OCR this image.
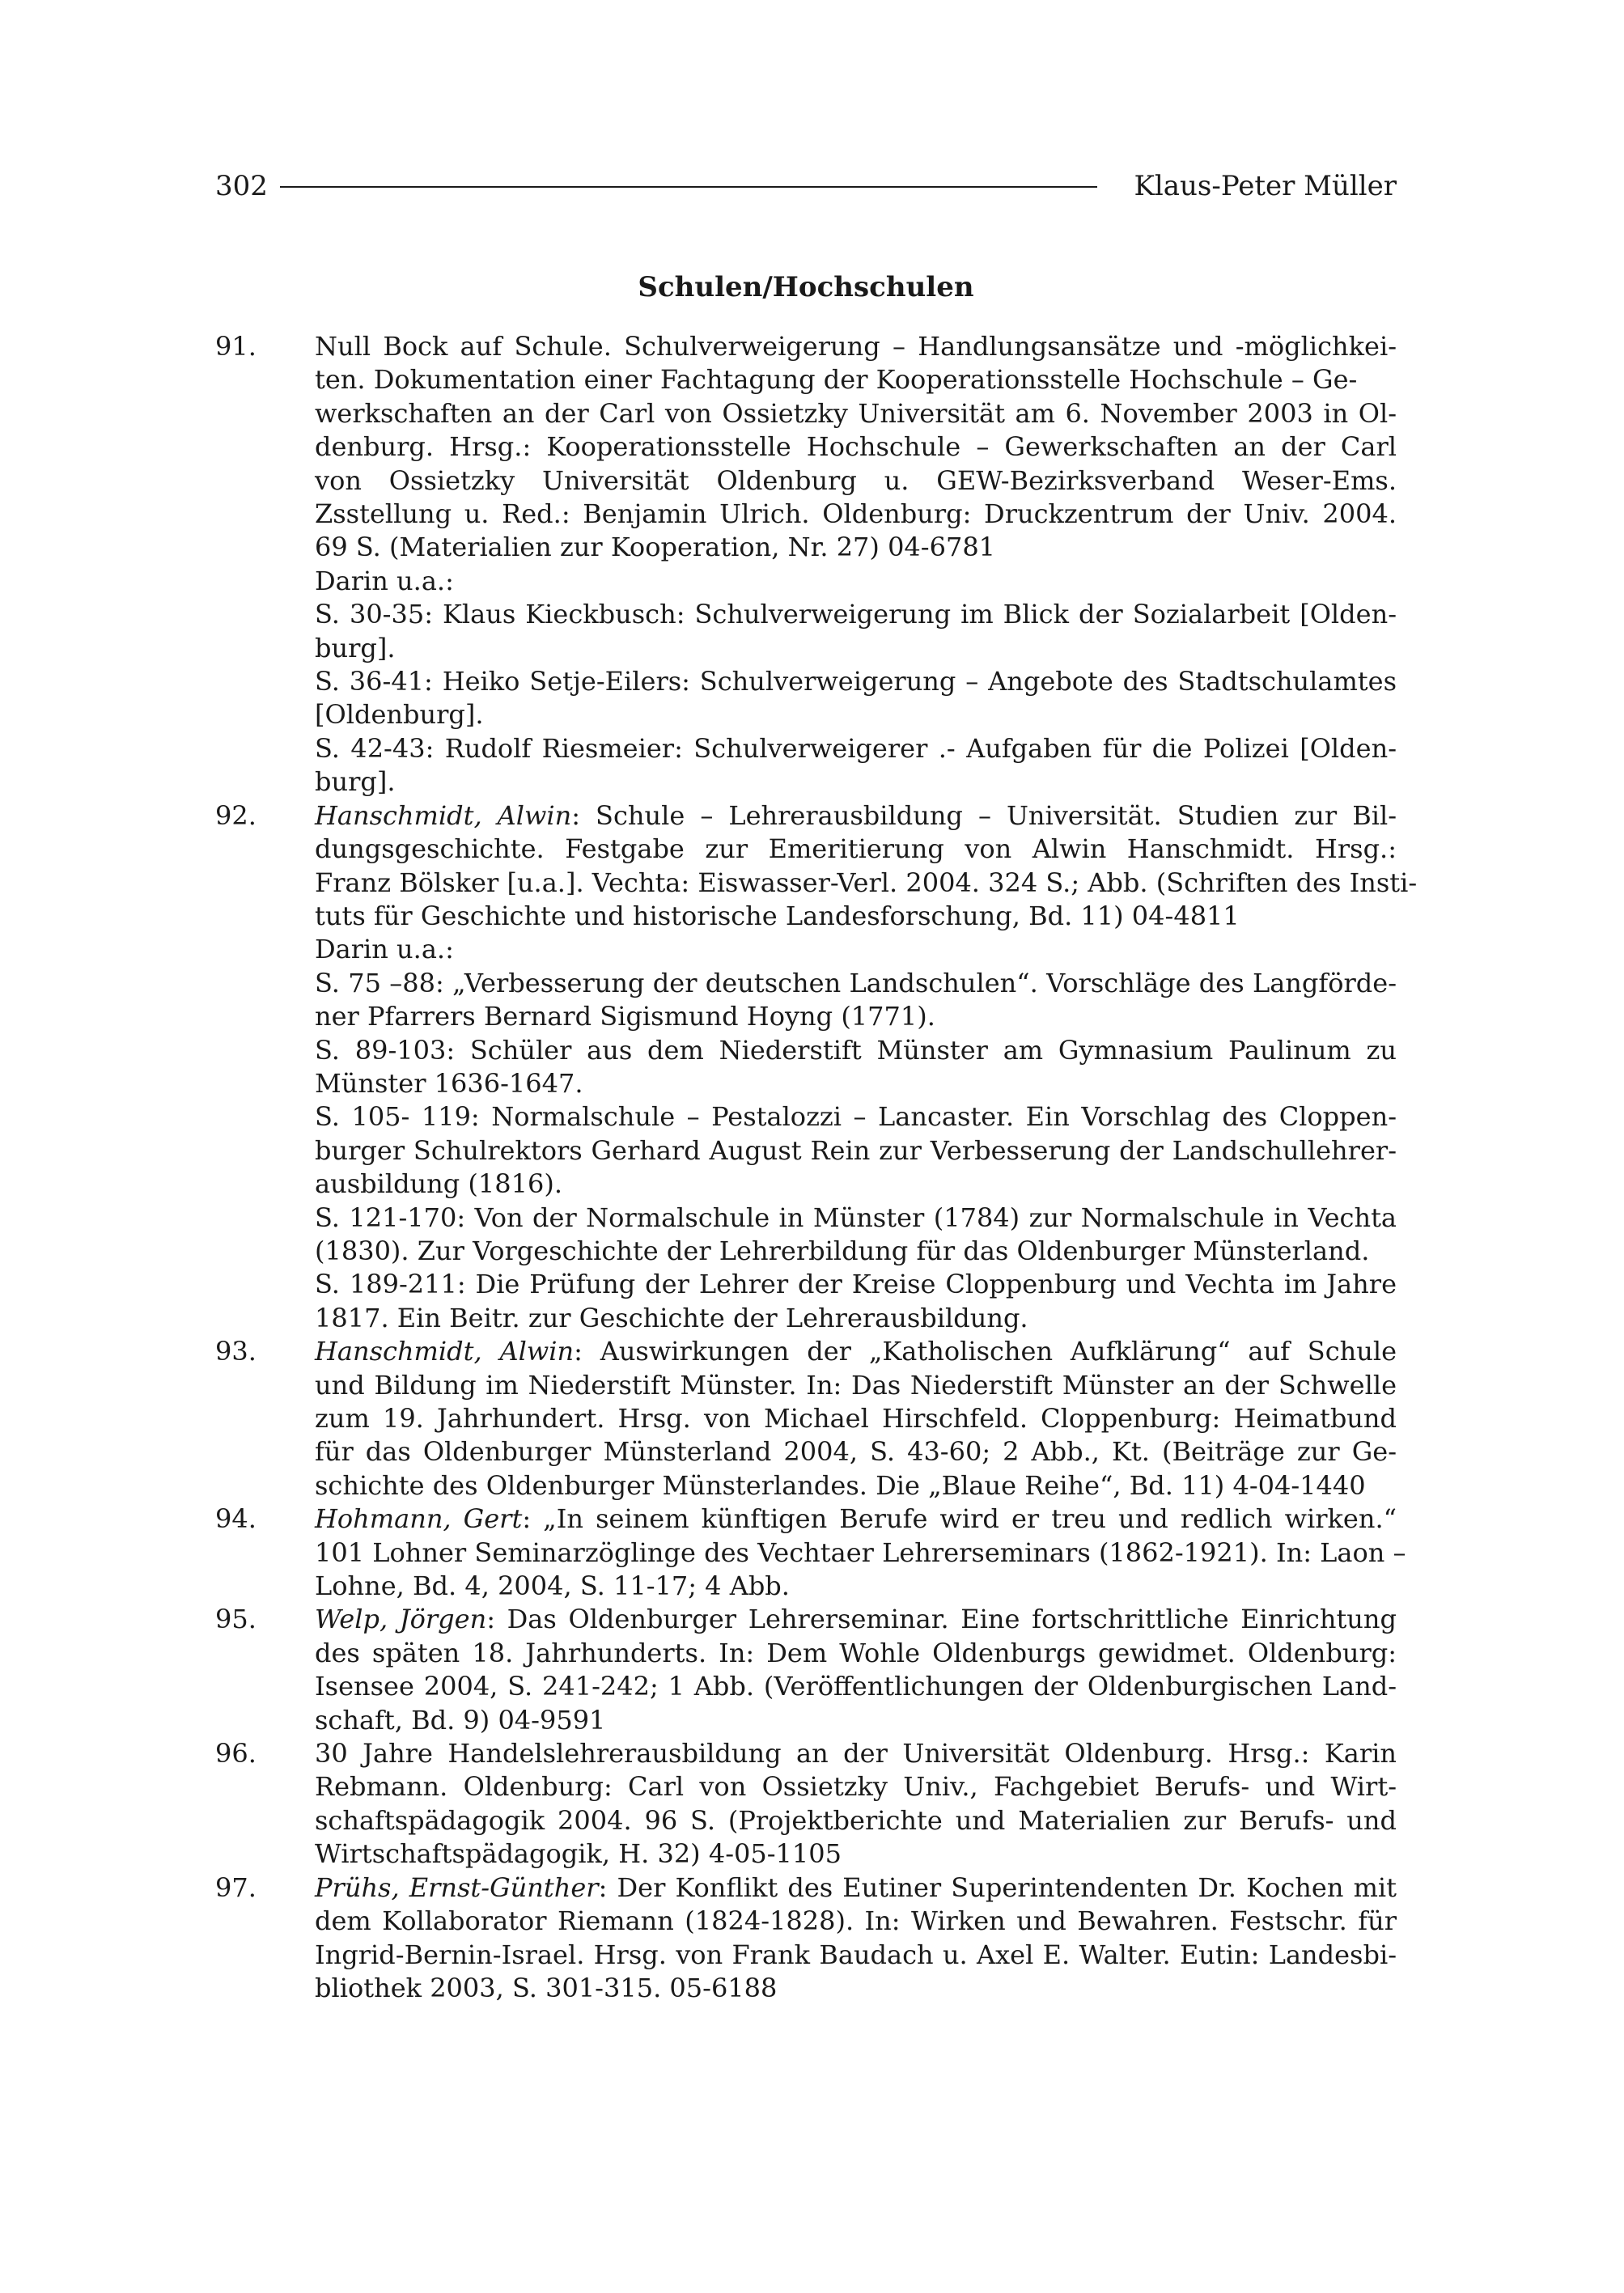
302	Klaus-Peter Müller
Schulen/Hochschulen
91. Null Bock auf Schule. Schulverweigerung – Handlungsansätze und -möglichkei-
ten. Dokumentation einer Fachtagung der Kooperationsstelle Hochschule – Ge-
werkschaften an der Carl von Ossietzky Universität am 6. November 2003 in Ol-
denburg. Hrsg.: Kooperationsstelle Hochschule – Gewerkschaften an der Carl
von Ossietzky Universität Oldenburg u. GEW-Bezirksverband Weser-Ems.
Zsstellung u. Red.: Benjamin Ulrich. Oldenburg: Druckzentrum der Univ. 2004.
69 S. (Materialien zur Kooperation, Nr. 27) 04-6781
Darin u.a.:
S. 30-35: Klaus Kieckbusch: Schulverweigerung im Blick der Sozialarbeit [Olden-
burg].
S. 36-41: Heiko Setje-Eilers: Schulverweigerung – Angebote des Stadtschulamtes
[Oldenburg].
S. 42-43: Rudolf Riesmeier: Schulverweigerer .- Aufgaben für die Polizei [Olden-
burg].
92. Hanschmidt, Alwin: Schule – Lehrerausbildung – Universität. Studien zur Bil-
dungsgeschichte. Festgabe zur Emeritierung von Alwin Hanschmidt. Hrsg.:
Franz Bölsker [u.a.]. Vechta: Eiswasser-Verl. 2004. 324 S.; Abb. (Schriften des Insti-
tuts für Geschichte und historische Landesforschung, Bd. 11) 04-4811
Darin u.a.:
S. 75 –88: „Verbesserung der deutschen Landschulen“. Vorschläge des Langförde-
ner Pfarrers Bernard Sigismund Hoyng (1771).
S. 89-103: Schüler aus dem Niederstift Münster am Gymnasium Paulinum zu
Münster 1636-1647.
S. 105- 119: Normalschule – Pestalozzi – Lancaster. Ein Vorschlag des Cloppen-
burger Schulrektors Gerhard August Rein zur Verbesserung der Landschullehrer-
ausbildung (1816).
S. 121-170: Von der Normalschule in Münster (1784) zur Normalschule in Vechta
(1830). Zur Vorgeschichte der Lehrerbildung für das Oldenburger Münsterland.
S. 189-211: Die Prüfung der Lehrer der Kreise Cloppenburg und Vechta im Jahre
1817. Ein Beitr. zur Geschichte der Lehrerausbildung.
93. Hanschmidt, Alwin: Auswirkungen der „Katholischen Aufklärung“ auf Schule
und Bildung im Niederstift Münster. In: Das Niederstift Münster an der Schwelle
zum 19. Jahrhundert. Hrsg. von Michael Hirschfeld. Cloppenburg: Heimatbund
für das Oldenburger Münsterland 2004, S. 43-60; 2 Abb., Kt. (Beiträge zur Ge-
schichte des Oldenburger Münsterlandes. Die „Blaue Reihe“, Bd. 11) 4-04-1440
94. Hohmann, Gert: „In seinem künftigen Berufe wird er treu und redlich wirken.“
101 Lohner Seminarzöglinge des Vechtaer Lehrerseminars (1862-1921). In: Laon –
Lohne, Bd. 4, 2004, S. 11-17; 4 Abb.
95. Welp, Jörgen: Das Oldenburger Lehrerseminar. Eine fortschrittliche Einrichtung
des späten 18. Jahrhunderts. In: Dem Wohle Oldenburgs gewidmet. Oldenburg:
Isensee 2004, S. 241-242; 1 Abb. (Veröffentlichungen der Oldenburgischen Land-
schaft, Bd. 9) 04-9591
96. 30 Jahre Handelslehrerausbildung an der Universität Oldenburg. Hrsg.: Karin
Rebmann. Oldenburg: Carl von Ossietzky Univ., Fachgebiet Berufs- und Wirt-
schaftspädagogik 2004. 96 S. (Projektberichte und Materialien zur Berufs- und
Wirtschaftspädagogik, H. 32) 4-05-1105
97. Prühs, Ernst-Günther: Der Konflikt des Eutiner Superintendenten Dr. Kochen mit
dem Kollaborator Riemann (1824-1828). In: Wirken und Bewahren. Festschr. für
Ingrid-Bernin-Israel. Hrsg. von Frank Baudach u. Axel E. Walter. Eutin: Landesbi-
bliothek 2003, S. 301-315. 05-6188
